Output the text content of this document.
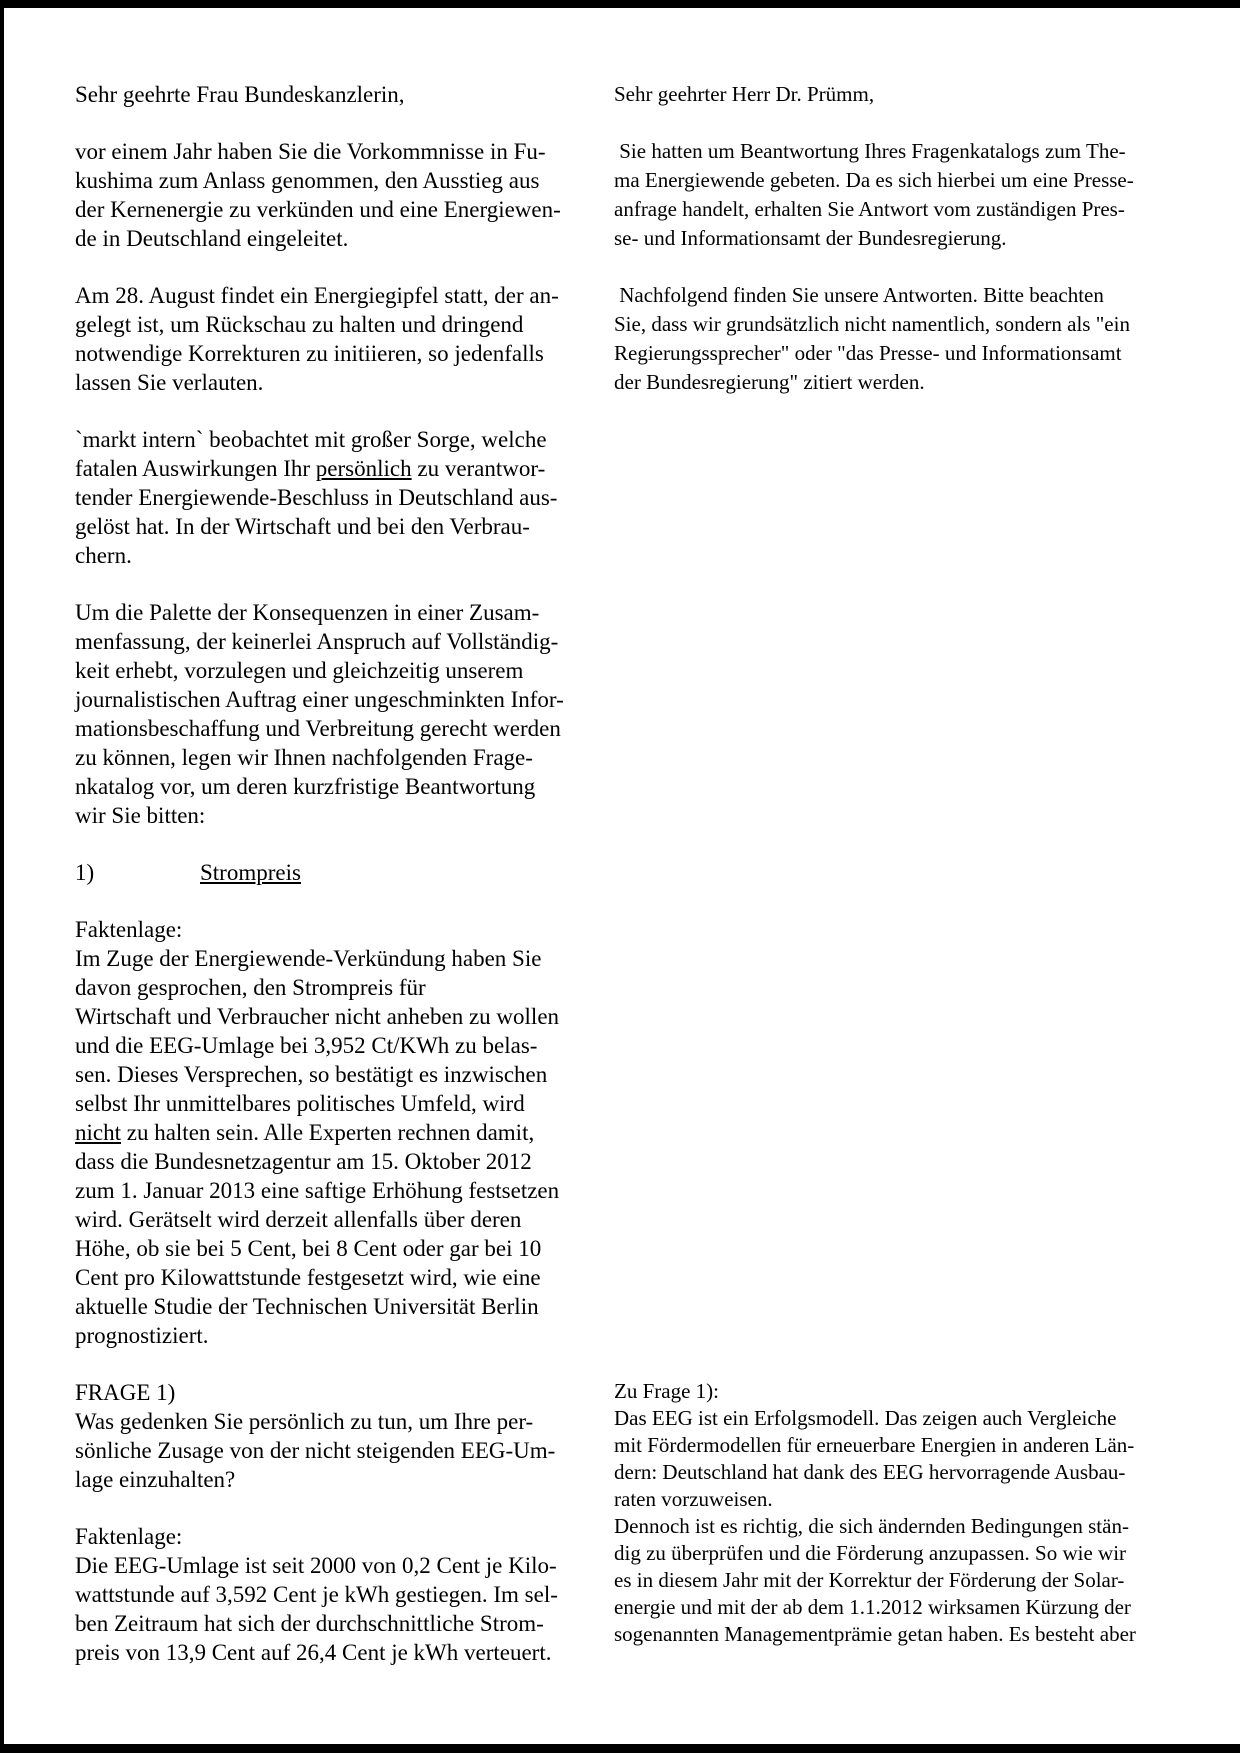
Sehr geehrte Frau Bundeskanzlerin,
vor einem Jahr haben Sie die Vorkommnisse in Fu-
kushima zum Anlass genommen, den Ausstieg aus
der Kernenergie zu verkünden und eine Energiewen-
de in Deutschland eingeleitet.
Am 28. August findet ein Energiegipfel statt, der an-
gelegt ist, um Rückschau zu halten und dringend
notwendige Korrekturen zu initiieren, so jedenfalls
lassen Sie verlauten.
`markt intern` beobachtet mit großer Sorge, welche
fatalen Auswirkungen Ihr persönlich zu verantwor-
tender Energiewende-Beschluss in Deutschland aus-
gelöst hat. In der Wirtschaft und bei den Verbrau-
chern.
Um die Palette der Konsequenzen in einer Zusam-
menfassung, der keinerlei Anspruch auf Vollständig-
keit erhebt, vorzulegen und gleichzeitig unserem
journalistischen Auftrag einer ungeschminkten Infor-
mationsbeschaffung und Verbreitung gerecht werden
zu können, legen wir Ihnen nachfolgenden Frage-
nkatalog vor, um deren kurzfristige Beantwortung
wir Sie bitten:
1)	Strompreis
Faktenlage:
Im Zuge der Energiewende-Verkündung haben Sie
davon gesprochen, den Strompreis für
Wirtschaft und Verbraucher nicht anheben zu wollen
und die EEG-Umlage bei 3,952 Ct/KWh zu belas-
sen. Dieses Versprechen, so bestätigt es inzwischen
selbst Ihr unmittelbares politisches Umfeld, wird
nicht zu halten sein. Alle Experten rechnen damit,
dass die Bundesnetzagentur am 15. Oktober 2012
zum 1. Januar 2013 eine saftige Erhöhung festsetzen
wird. Gerätselt wird derzeit allenfalls über deren
Höhe, ob sie bei 5 Cent, bei 8 Cent oder gar bei 10
Cent pro Kilowattstunde festgesetzt wird, wie eine
aktuelle Studie der Technischen Universität Berlin
prognostiziert.
FRAGE 1)
Was gedenken Sie persönlich zu tun, um Ihre per-
sönliche Zusage von der nicht steigenden EEG-Um-
lage einzuhalten?
Faktenlage:
Die EEG-Umlage ist seit 2000 von 0,2 Cent je Kilo-
wattstunde auf 3,592 Cent je kWh gestiegen. Im sel-
ben Zeitraum hat sich der durchschnittliche Strom-
preis von 13,9 Cent auf 26,4 Cent je kWh verteuert.
Sehr geehrter Herr Dr. Prümm,
Sie hatten um Beantwortung Ihres Fragenkatalogs zum The-
ma Energiewende gebeten. Da es sich hierbei um eine Presse-
anfrage handelt, erhalten Sie Antwort vom zuständigen Pres-
se- und Informationsamt der Bundesregierung.
Nachfolgend finden Sie unsere Antworten. Bitte beachten
Sie, dass wir grundsätzlich nicht namentlich, sondern als "ein
Regierungssprecher" oder "das Presse- und Informationsamt
der Bundesregierung" zitiert werden.
Zu Frage 1):
Das EEG ist ein Erfolgsmodell. Das zeigen auch Vergleiche
mit Fördermodellen für erneuerbare Energien in anderen Län-
dern: Deutschland hat dank des EEG hervorragende Ausbau-
raten vorzuweisen.
Dennoch ist es richtig, die sich ändernden Bedingungen stän-
dig zu überprüfen und die Förderung anzupassen. So wie wir
es in diesem Jahr mit der Korrektur der Förderung der Solar-
energie und mit der ab dem 1.1.2012 wirksamen Kürzung der
sogenannten Managementprämie getan haben. Es besteht aber
